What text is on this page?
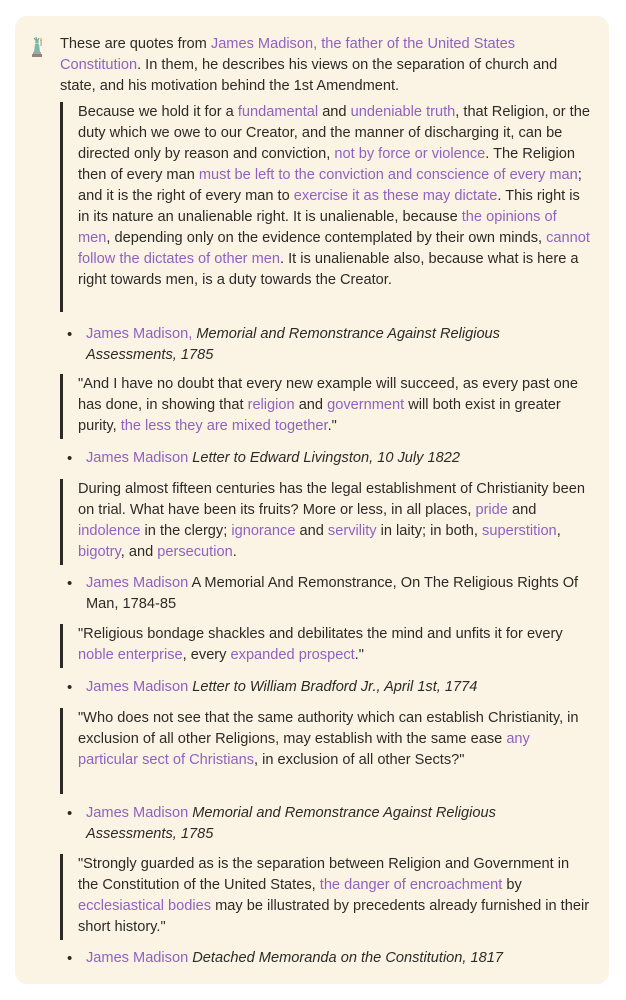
These are quotes from James Madison, the father of the United States Constitution. In them, he describes his views on the separation of church and state, and his motivation behind the 1st Amendment.
Because we hold it for a fundamental and undeniable truth, that Religion, or the duty which we owe to our Creator, and the manner of discharging it, can be directed only by reason and conviction, not by force or violence. The Religion then of every man must be left to the conviction and conscience of every man; and it is the right of every man to exercise it as these may dictate. This right is in its nature an unalienable right. It is unalienable, because the opinions of men, depending only on the evidence contemplated by their own minds, cannot follow the dictates of other men. It is unalienable also, because what is here a right towards men, is a duty towards the Creator.
• James Madison, Memorial and Remonstrance Against Religious Assessments, 1785
"And I have no doubt that every new example will succeed, as every past one has done, in showing that religion and government will both exist in greater purity, the less they are mixed together."
• James Madison Letter to Edward Livingston, 10 July 1822
During almost fifteen centuries has the legal establishment of Christianity been on trial. What have been its fruits? More or less, in all places, pride and indolence in the clergy; ignorance and servility in laity; in both, superstition, bigotry, and persecution.
• James Madison A Memorial And Remonstrance, On The Religious Rights Of Man, 1784-85
"Religious bondage shackles and debilitates the mind and unfits it for every noble enterprise, every expanded prospect."
• James Madison Letter to William Bradford Jr., April 1st, 1774
"Who does not see that the same authority which can establish Christianity, in exclusion of all other Religions, may establish with the same ease any particular sect of Christians, in exclusion of all other Sects?"
• James Madison Memorial and Remonstrance Against Religious Assessments, 1785
"Strongly guarded as is the separation between Religion and Government in the Constitution of the United States, the danger of encroachment by ecclesiastical bodies may be illustrated by precedents already furnished in their short history."
• James Madison Detached Memoranda on the Constitution, 1817
